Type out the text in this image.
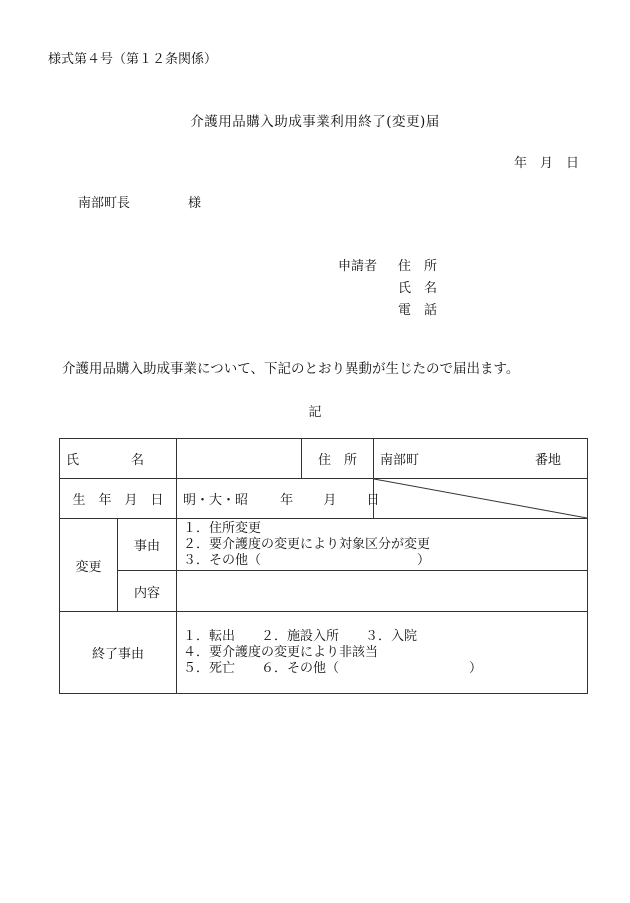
様式第４号（第１２条関係）
介護用品購入助成事業利用終了(変更)届
年　月　日
南部町長	様
申請者 住　所
氏　名
電　話
介護用品購入助成事業について、下記のとおり異動が生じたので届出ます。
記
氏　　　　名			住　所	南部町 番地

生　年　月　日		明・大・昭 年 月 日	

変更	事由	１．住所変更
２．要介護度の変更により対象区分が変更
３．その他（　　　　　　　　　　　　）		

	内容			
終了事由		１．転出　　２．施設入所　　３．入院
４．要介護度の変更により非該当
５．死亡　　６．その他（　　　　　　　　　　）		
